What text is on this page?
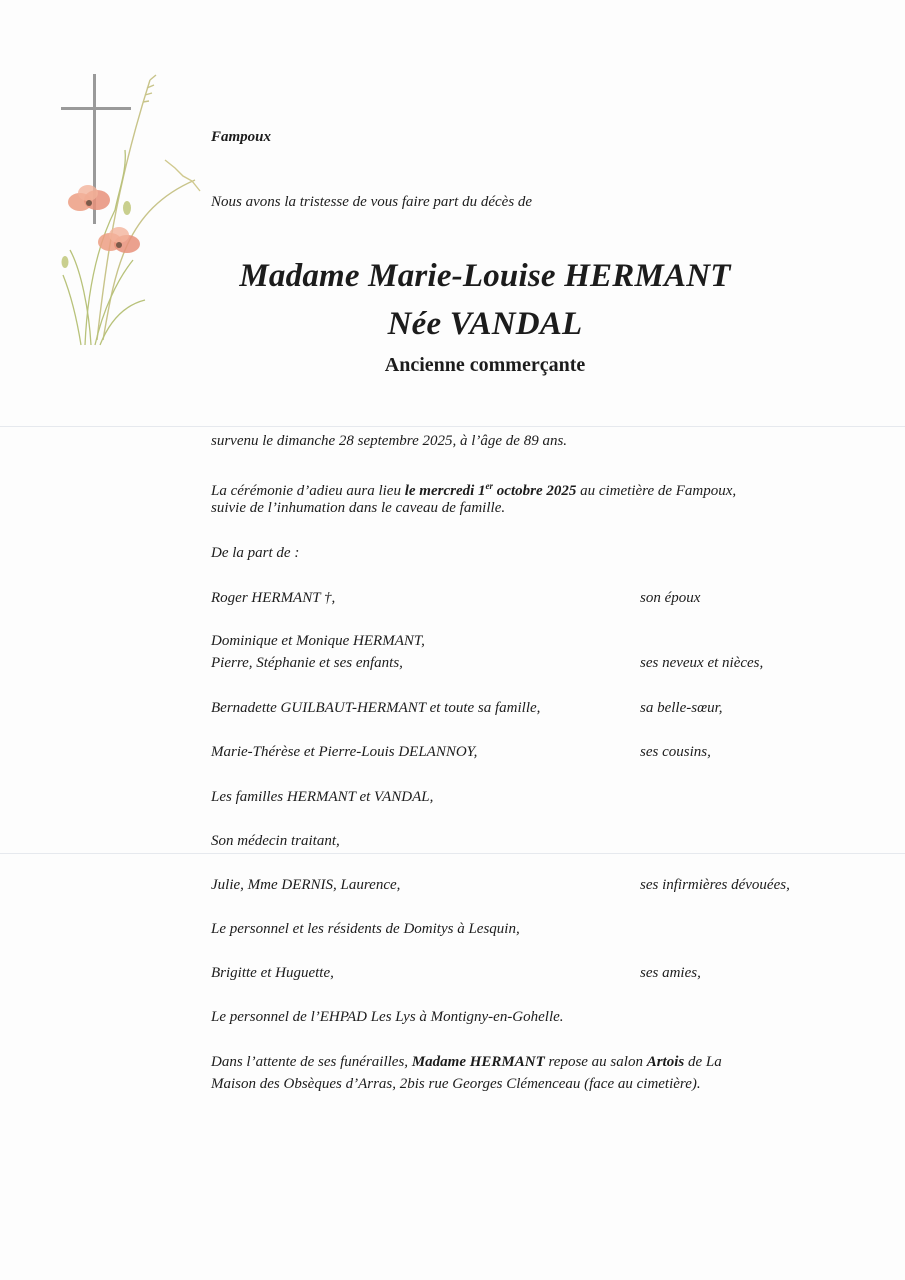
Fampoux
Nous avons la tristesse de vous faire part du décès de
Madame Marie-Louise HERMANT
Née VANDAL
Ancienne commerçante
survenu le dimanche 28 septembre 2025, à l’âge de 89 ans.
La cérémonie d’adieu aura lieu le mercredi 1er octobre 2025 au cimetière de Fampoux,
suivie de l’inhumation dans le caveau de famille.
De la part de :
Roger HERMANT †,	son époux
Dominique et Monique HERMANT,
Pierre, Stéphanie et ses enfants,	ses neveux et nièces,
Bernadette GUILBAUT-HERMANT et toute sa famille,	sa belle-sœur,
Marie-Thérèse et Pierre-Louis DELANNOY,	ses cousins,
Les familles HERMANT et VANDAL,
Son médecin traitant,
Julie, Mme DERNIS, Laurence,	ses infirmières dévouées,
Le personnel et les résidents de Domitys à Lesquin,
Brigitte et Huguette,	ses amies,
Le personnel de l’EHPAD Les Lys à Montigny-en-Gohelle.
Dans l’attente de ses funérailles, Madame HERMANT repose au salon Artois de La
Maison des Obsèques d’Arras, 2bis rue Georges Clémenceau (face au cimetière).
